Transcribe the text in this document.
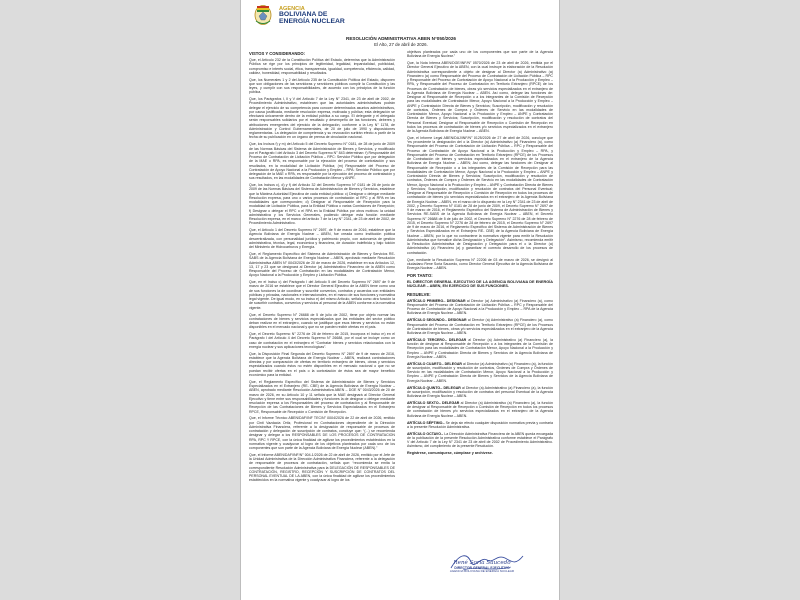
AGENCIA
BOLIVIANA DE
ENERGÍA NUCLEAR
RESOLUCIÓN ADMINISTRATIVA ABEN N°050/2026
El Alto, 27 de abril de 2026.
VISTOS Y CONSIDERANDO:

Que, el Artículo 232 de la Constitución Política del Estado, determina que la Administración Pública se rige por los principios de legitimidad, legalidad, imparcialidad, publicidad, compromiso e interés social, ética, transparencia, igualdad, competencia, eficiencia, calidad, calidez, honestidad, responsabilidad y resultados.

Que, los Numerales 1 y 2 del Artículo 235 de la Constitución Política del Estado, disponen que son obligaciones de las servidoras y servidores públicos cumplir la Constitución y las leyes, y cumplir con sus responsabilidades, de acuerdo con los principios de la función pública.

Que, los Parágrafos I, II y V del Artículo 7 de la Ley N° 2341, de 23 de abril de 2002, de Procedimiento Administrativo, establecen que las autoridades administrativas podrán delegar el ejercicio de su competencia para conocer determinados asuntos administrativos, por causa justificada, mediante resolución expresa, motivada y pública; esta delegación se efectuará únicamente dentro de la entidad pública a su cargo. El delegante y el delegado serán responsables solidarios por el resultado y desempeño de las funciones, deberes y atribuciones emergentes del ejercicio de la delegación, conforme a la Ley N° 1178, de Administración y Control Gubernamentales, de 20 de julio de 1990 y disposiciones reglamentarias. La delegación de competencia y su revocación surtirán efecto a partir de la fecha de su publicación en un órgano de prensa de circulación nacional.

Que, los Incisos f) y m) del Artículo 5 del Decreto Supremo N° 0181, de 28 de junio de 2009 de las Normas Básicas del Sistema de Administración de Bienes y Servicios, y modificado por el Parágrafo I del Artículo 3 del Decreto Supremo N° 843 determinan: f) Responsable del Proceso de Contratación de Licitación Pública – RPC: Servidor Público que por delegación de la MAE o RPA, es responsable por la ejecución del proceso de contratación y sus resultados, en la modalidad de Licitación Pública; (m) Responsable del Proceso de Contratación de Apoyo Nacional a la Producción y Empleo – RPA: Servidor Público que por delegación de la MAE o RPA, es responsable por la ejecución del proceso de contratación y sus resultados, en las modalidades de Contratación Menor y ANPE.

Que, los Incisos c), d) y f) del Artículo 32 del Decreto Supremo N° 0181 de 28 de junio de 2009 de las Normas Básicas del Sistema de Administración de Bienes y Servicios, establece que la Máxima Autoridad Ejecutiva de cada entidad pública: c) Designar o delegar mediante Resolución expresa, para uno o varios procesos de contratación al RPC y al RPA en las modalidades que corresponden; d) Designar al Responsable de Recepción para la modalidad de Licitación Pública, para la Entidad Pública o varias Comisiones de Recepción; f) Designar o delegar el RPC o el RPA en la Entidad Pública por otros motivos: la unidad administrativa y los Servicios Generales, pudiendo delegar esta función mediante Resolución expresa, en el marco del artículo 7 de la Ley N° 2341, de 23 de abril de 2002, de Procedimiento Administrativo.

Que, el Artículo 1 del Decreto Supremo N° 2697, de 9 de marzo de 2016, establece que la Agencia Boliviana de Energía Nuclear – ABEN, fue creada como institución pública descentralizada, con personalidad jurídica y patrimonio propio, con autonomía de gestión administrativa, técnica, legal, económica y financiera, de duración indefinida y bajo tuición del Ministerio de Hidrocarburos y Energía.

Que, el Reglamento Específico del Sistema de Administración de Bienes y Servicios RE-SABS de la Agencia Boliviana de Energía Nuclear – ABEN, aprobado mediante Resolución Administrativa ABEN N° 0043/2026 de 20 de marzo de 2026, establece en sus Artículos 12, 13, 17 y 23 que se designará al Director (a) Administrativo Financiero de la ABEN como Responsable del Proceso de Contratación en las modalidades de Contratación Menor, Apoyo Nacional a la Producción y Empleo y Licitación Pública.

Que, en el Inciso c) del Parágrafo I del Artículo 5 del Decreto Supremo N° 2697 de 9 de marzo de 2016 se establece que el Director General Ejecutivo de la ABEN tiene como una de sus funciones la de coordinar y suscribir convenios, contratos y acuerdos con entidades públicas y privadas, nacionales e internacionales, en el marco de sus funciones y normativa legal vigente. De igual modo, en su inciso e) del mismo Artículo, señala como otra función la de suscribir contratos, convenios y servicios al personal de la ABEN conforme a la normativa vigente.

Que, el Decreto Supremo N° 26688 de 5 de julio de 2002, tiene por objeto normar las contrataciones de bienes y servicios especializados que las entidades del sector público deban realizar en el extranjero, cuando se justifique que esos bienes y servicios no están disponibles en el mercado nacional y que no se pueden recibir ofertas en el país.

Que, el Decreto Supremo N° 2276 de 28 de febrero de 2015, incorpora el inciso m) en el Parágrafo I del Artículo 4 del Decreto Supremo N° 26688, por el cual se incluye como un caso de contratación en el extranjero el “Contratar bienes y servicios relacionados con la energía nuclear y sus aplicaciones tecnológicas”.

Que, la Disposición Final Segunda del Decreto Supremo N° 2697 de 9 de marzo de 2016, establece que la Agencia Boliviana de Energía Nuclear – ABEN, realizará contrataciones directas y por comparación de ofertas en territorio extranjero de bienes, obras y servicios especializados cuando éstos no estén disponibles en el mercado nacional o que no se puedan recibir ofertas en el país o la contratación de éstos sea de mayor beneficio económico para la entidad.

Que, el Reglamento Específico del Sistema de Administración de Bienes y Servicios Especializados en el Extranjero (RE- CBE) de la Agencia Boliviana de Energía Nuclear – ABEN, aprobado mediante Resolución Administrativa ABEN – DGE N° 0043/2026 de 20 de marzo de 2026, en su Artículo 10 y 11 señala que la MAE designará al Director General Ejecutivo y tiene entre sus responsabilidades y funciones la de designar o delegar mediante resolución expresa a los Responsables del proceso de contratación y al Responsable de Recepción de las Contrataciones de Bienes y Servicios Especializados en el Extranjero RPCE, Responsable de Recepción o Comisión de Recepción.

Que, el Informe Técnico ABEN/DAF/INF TEC/N° 0004/2026 de 22 de abril de 2026, emitido por Cinti Vazdacia Ortiz, Profesional en Contrataciones dependiente de la Dirección Administrativa Financiera, referente a la designación de responsable de procesos de contratación y delegación de suscripción de contratos, concluye que: “(...) se recomienda designar y delegar a los RESPONSABLES DE LOS PROCESOS DE CONTRATACION RPA, RPC Y RPCE, con la única finalidad de agilizar los procedimientos establecidos en la normativa vigente y coadyuvar al logro de los objetivos planteados por cada uno de los componentes que son parte de la Agencia Boliviana de Energía Nuclear (ABEN).”

Que, el Informe ABEN/DAF/INF/N° 004-1/2026 de 22 de abril de 2026, emitido por el Jefe de la Unidad Administrativa de la Dirección Administrativa Financiera, referente a la delegación de responsable de procesos de contratación, señala que: “recomienda se emita la correspondiente Resolución Administrativa para la DELEGACIÓN DE RESPONSABLES DE CONTRATACIÓN, REGISTRO, RECEPCIÓN Y SUSCRIPCIÓN DE CONTRATOS DEL PERSONAL EVENTUAL DE LA ABEN, con la única finalidad de agilizar los procedimientos establecidos en la normativa vigente y coadyuvar al logro de los

objetivos planteados por cada uno de los componentes que son parte de la Agencia Boliviana de Energía Nuclear.”

Que, la Nota Interna ABEN/DGE/INF/N° 0570/2026 de 23 de abril de 2026, emitida por el Director General Ejecutivo de la ABEN, con la cual instruye la elaboración de la Resolución Administrativa correspondiente a objeto de designar al Director (a) Administrativo (a) Financiero (a) como Responsable del Proceso de Contratación de Licitación Pública – RPC y Responsable del Proceso de Contratación de Apoyo Nacional a la Producción y Empleo – RPA, y Responsable del Proceso de Contratación en Territorio Extranjero (RPCE) de los Procesos de Contratación de bienes, obras y/o servicios especializados en el extranjero de la Agencia Boliviana de Energía Nuclear – ABEN. Así como, delegar las funciones de: Designar al Responsable de Recepción o a los integrantes de la Comisión de Recepción para las modalidades de Contratación Menor, Apoyo Nacional a la Producción y Empleo – ANPE y Contratación Directa de Bienes y Servicios; Suscripción, modificación y resolución de contratos, Órdenes de Compra y Órdenes de Servicio en las modalidades de Contratación Menor, Apoyo Nacional a la Producción y Empleo – ANPE y Contratación Directa de Bienes y Servicios; Suscripción, modificación y resolución de contratos del Personal Eventual; Designar al Responsable de Recepción o Comisión de Recepción en todos los procesos de contratación de bienes y/o servicios especializados en el extranjero de la Agencia Boliviana de Energía Nuclear – ABEN.

Que, el Informe Legal ABEN/DAJ/INF/N° 0125/2026 de 27 de abril de 2026, concluye que “es procedente la designación del o la Director (a) Administrativo (a) Financiero (a), como Responsable del Proceso de Contratación de Licitación Pública – RPC y Responsable del Proceso de Contratación de Apoyo Nacional a la Producción y Empleo – RPA, y Responsable del Proceso de Contratación en Territorio Extranjero (RPCE) de los Procesos de Contratación de bienes y servicios especializados en el extranjero de la Agencia Boliviana de Energía Nuclear – ABEN; Así como, delegar las funciones de: Designar al Responsable de Recepción o a los integrantes de la Comisión de Recepción para las modalidades de Contratación Menor, Apoyo Nacional a la Producción y Empleo – ANPE y Contratación Directa de Bienes y Servicios; Suscripción, modificación y resolución de contratos, Órdenes de Compra y Órdenes de Servicio en las modalidades de Contratación Menor, Apoyo Nacional a la Producción y Empleo – ANPE y Contratación Directa de Bienes y Servicios; Suscripción, modificación y resolución de contratos del Personal Eventual; Designar al Responsable de Recepción o Comisión de Recepción en todos los procesos de contratación de bienes y/o servicios especializados en el extranjero de la Agencia Boliviana de Energía Nuclear – ABEN, en el marco de lo dispuesto en la Ley N° 2341 de 23 de abril de 2002, y Decreto Supremo N° 0181 de 28 de junio de 2009, el Decreto Supremo N° 2697 de 9 de marzo de 2016, el Reglamento Específico del Sistema de Administración de Bienes y Servicios RE-SABS de la Agencia Boliviana de Energía Nuclear – ABEN, el Decreto Supremo N° 26688 de 5 de julio de 2002, el Decreto Supremo N° 2276 de 28 de febrero de 2015, el Decreto Supremo N° 2276 de 28 de febrero de 2015, el Decreto Supremo N° 2697 de 9 de marzo de 2016, el Reglamento Específico del Sistema de Administración de Bienes y Servicios Especializados en el Extranjero RE- CBE) de la Agencia Boliviana de Energía Nuclear – ABEN, por lo que no contraviene la normativa vigente para emitir la Resolución Administrativa que formalice dicha Designación y Delegación”. Asimismo, recomienda emitir la Resolución Administrativa de Designación y Delegación para el o la Director (a) Administrativo (a) Financiero (a) y garantizar el correcto desarrollo de los procesos de contratación.

Que, mediante la Resolución Suprema N° 22206 de 03 de marzo de 2026, se designó al ciudadano Rene Soria Saucedo, como Director General Ejecutivo de la Agencia Boliviana de Energía Nuclear – ABEN.

POR TANTO:
EL DIRECTOR GENERAL EJECUTIVO DE LA AGENCIA BOLIVIANA DE ENERGÍA NUCLEAR – ABEN, EN EJERCICIO DE SUS FUNCIONES.
RESUELVE:

ARTÍCULO PRIMERO.- DESIGNAR al Director (a) Administrativo (a) Financiero (a), como Responsable del Proceso de Contratación de Licitación Pública – RPC y Responsable del Proceso de Contratación de Apoyo Nacional a la Producción y Empleo – RPA de la Agencia Boliviana de Energía Nuclear – ABEN.

ARTÍCULO SEGUNDO.- DESIGNAR al Director (a) Administrativo (a) Financiero (a), como Responsable del Proceso de Contratación en Territorio Extranjero (RPCE) de los Procesos de Contratación de bienes, obras y/o servicios especializados en el extranjero de la Agencia Boliviana de Energía Nuclear – ABEN.

ARTÍCULO TERCERO.- DELEGAR al Director (a) Administrativo (a) Financiero (a), la función de designar al Responsable de Recepción o a los integrantes de la Comisión de Recepción para las modalidades de Contratación Menor, Apoyo Nacional a la Producción y Empleo – ANPE y Contratación Directa de Bienes y Servicios de la Agencia Boliviana de Energía Nuclear – ABEN.

ARTÍCULO CUARTO.- DELEGAR al Director (a) Administrativo (a) Financiero (a), la función de suscripción, modificación y resolución de contratos, Órdenes de Compra y Órdenes de Servicio en las modalidades de Contratación Menor, Apoyo Nacional a la Producción y Empleo – ANPE y Contratación Directa de Bienes y Servicios de la Agencia Boliviana de Energía Nuclear – ABEN.

ARTÍCULO QUINTO.- DELEGAR al Director (a) Administrativo (a) Financiero (a), la función de suscripción, modificación y resolución de contratos del personal Eventual de la Agencia Boliviana de Energía Nuclear – ABEN.

ARTÍCULO SEXTO.- DELEGAR al Director (a) Administrativo (a) Financiero (a), la función de designar al Responsable de Recepción o Comisión de Recepción en todos los procesos de contratación de bienes y/o servicios especializados en el extranjero de la Agencia Boliviana de Energía Nuclear – ABEN.

ARTÍCULO SÉPTIMO.- Se deja sin efecto cualquier disposición normativa previa y contraria a la presente Resolución Administrativa.

ARTÍCULO OCTAVO.- La Dirección Administrativa Financiera de la ABEN queda encargada de la publicación de la presente Resolución Administrativa conforme establece el Parágrafo V del Artículo 7 de la Ley N° 2341 de 23 de abril de 2002 de Procedimiento Administrativo. Asimismo, del cumplimiento de la presente Resolución.

Regístrese, comuníquese, cúmplase y archívese.
René Soria Saucedo
DIRECTOR GENERAL EJECUTIVO
AGENCIA BOLIVIANA DE ENERGÍA NUCLEAR
